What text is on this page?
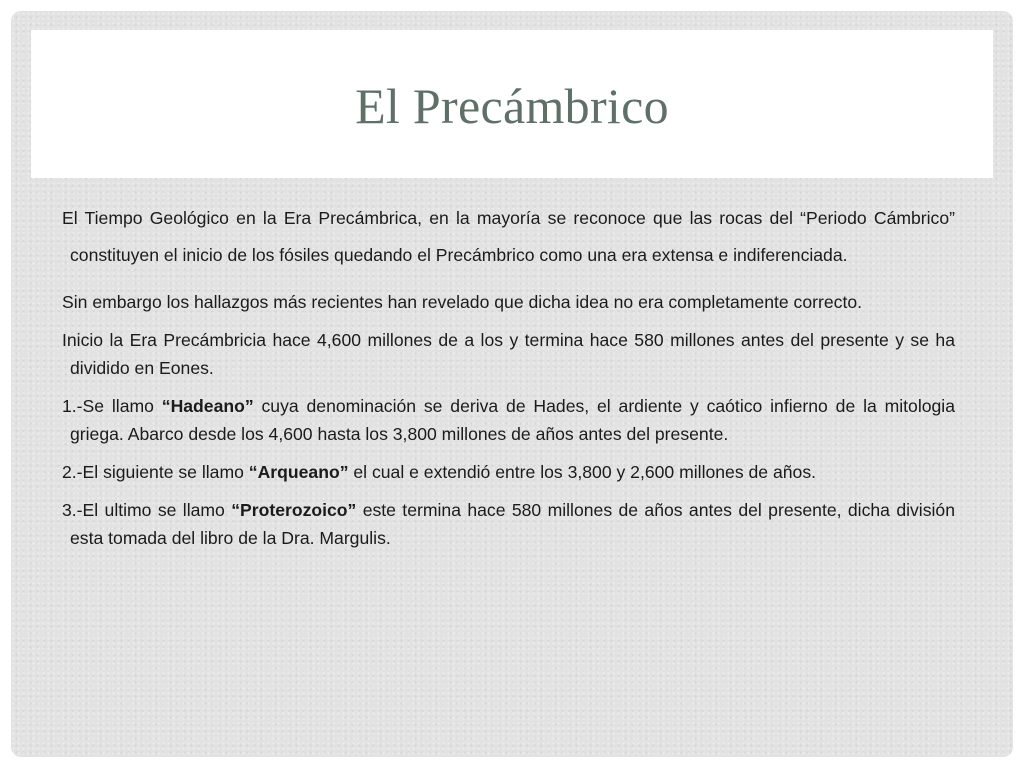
El Precámbrico

El Tiempo Geológico en la Era Precámbrica, en la mayoría se reconoce que las rocas del “Periodo Cámbrico” constituyen el inicio de los fósiles quedando el Precámbrico como una era extensa e indiferenciada.

Sin embargo los hallazgos más recientes han revelado que dicha idea no era completamente correcto.

Inicio la Era Precámbricia hace 4,600 millones de a los y termina hace 580 millones antes del presente y se ha dividido en Eones.

1.-Se llamo “Hadeano” cuya denominación se deriva de Hades, el ardiente y caótico infierno de la mitologia griega. Abarco desde los 4,600 hasta los 3,800 millones de años antes del presente.

2.-El siguiente se llamo “Arqueano” el cual e extendió entre los 3,800 y 2,600 millones de años.

3.-El ultimo se llamo “Proterozoico” este termina hace 580 millones de años antes del presente, dicha división esta tomada del libro de la Dra. Margulis.
